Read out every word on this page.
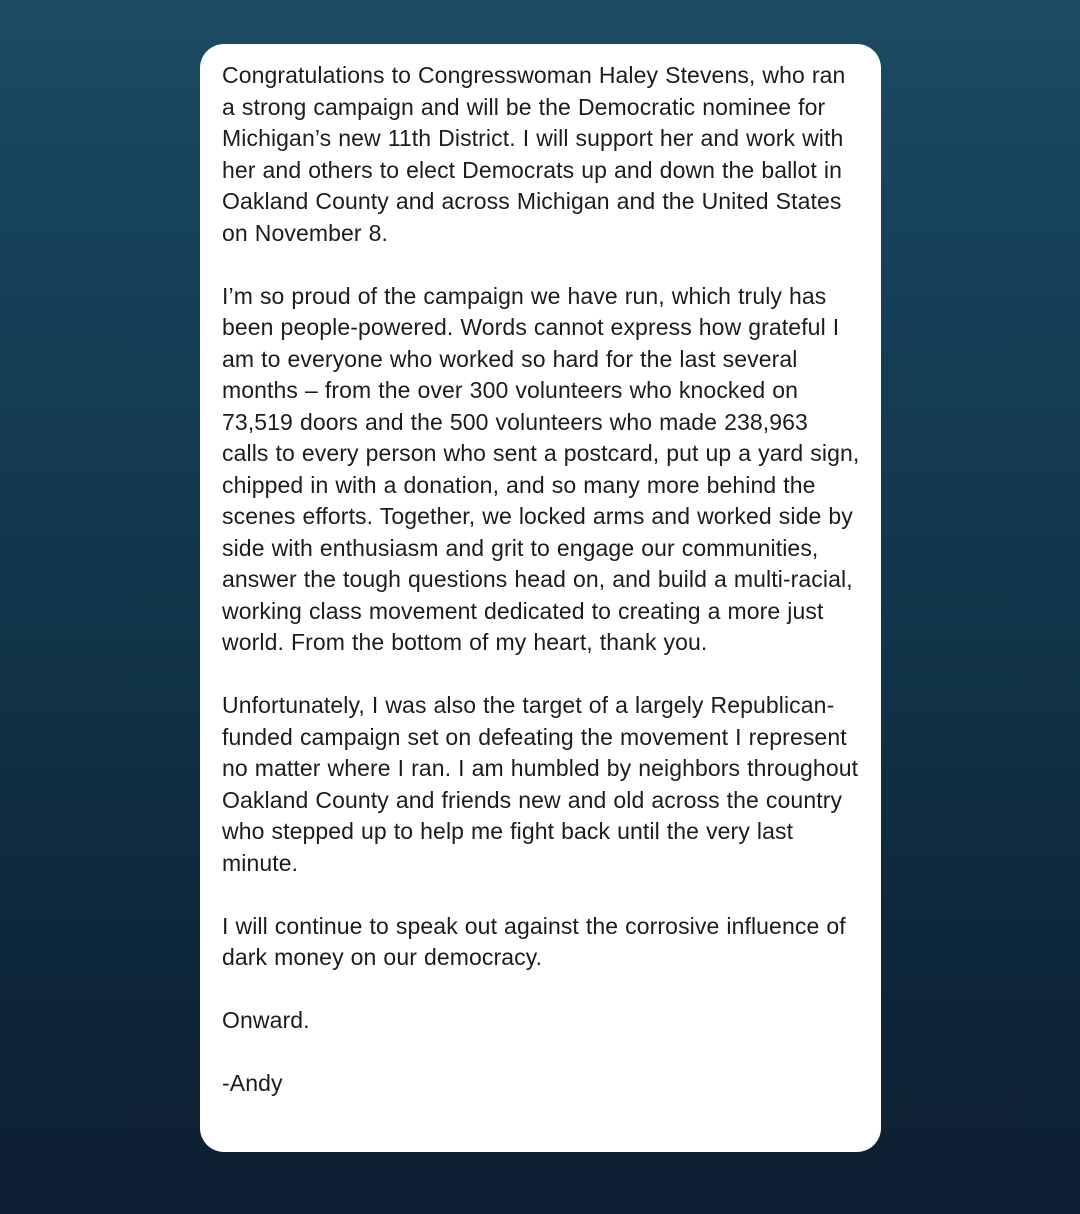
Congratulations to Congresswoman Haley Stevens, who ran a strong campaign and will be the Democratic nominee for Michigan’s new 11th District. I will support her and work with her and others to elect Democrats up and down the ballot in Oakland County and across Michigan and the United States on November 8.

I’m so proud of the campaign we have run, which truly has been people-powered. Words cannot express how grateful I am to everyone who worked so hard for the last several months – from the over 300 volunteers who knocked on 73,519 doors and the 500 volunteers who made 238,963 calls to every person who sent a postcard, put up a yard sign, chipped in with a donation, and so many more behind the scenes efforts. Together, we locked arms and worked side by side with enthusiasm and grit to engage our communities, answer the tough questions head on, and build a multi-racial, working class movement dedicated to creating a more just world. From the bottom of my heart, thank you.

Unfortunately, I was also the target of a largely Republican-funded campaign set on defeating the movement I represent no matter where I ran. I am humbled by neighbors throughout Oakland County and friends new and old across the country who stepped up to help me fight back until the very last minute.

I will continue to speak out against the corrosive influence of dark money on our democracy.

Onward.

-Andy
